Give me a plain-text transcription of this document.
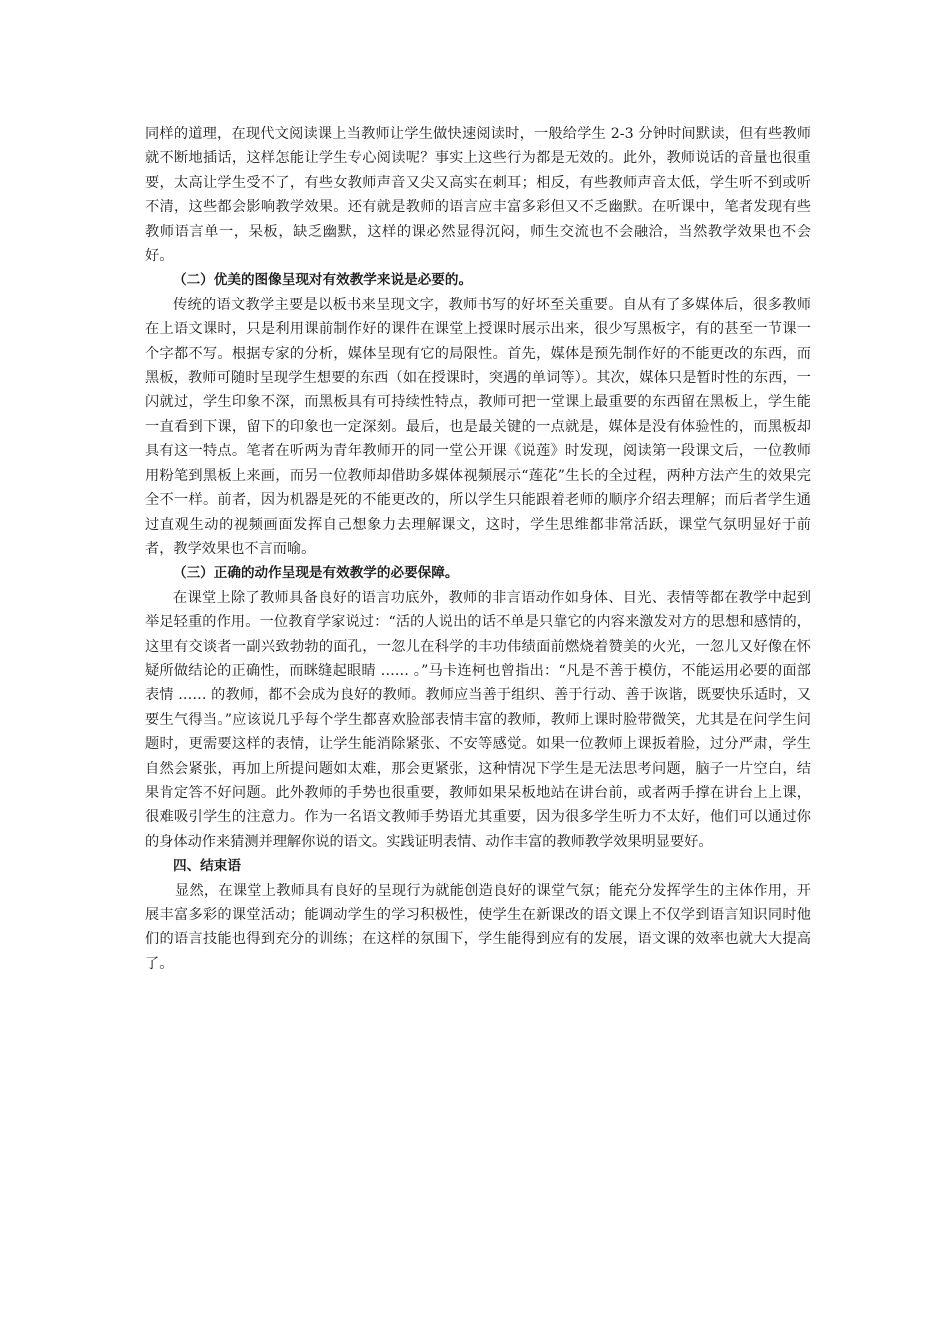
同样的道理，在现代文阅读课上当教师让学生做快速阅读时，一般给学生 2-3 分钟时间默读，但有些教师就不断地插话，这样怎能让学生专心阅读呢？事实上这些行为都是无效的。此外，教师说话的音量也很重要，太高让学生受不了，有些女教师声音又尖又高实在刺耳；相反，有些教师声音太低，学生听不到或听不清，这些都会影响教学效果。还有就是教师的语言应丰富多彩但又不乏幽默。在听课中，笔者发现有些教师语言单一，呆板，缺乏幽默，这样的课必然显得沉闷，师生交流也不会融洽，当然教学效果也不会好。

（二）优美的图像呈现对有效教学来说是必要的。

传统的语文教学主要是以板书来呈现文字，教师书写的好坏至关重要。自从有了多媒体后，很多教师在上语文课时，只是利用课前制作好的课件在课堂上授课时展示出来，很少写黑板字，有的甚至一节课一个字都不写。根据专家的分析，媒体呈现有它的局限性。首先，媒体是预先制作好的不能更改的东西，而黑板，教师可随时呈现学生想要的东西（如在授课时，突遇的单词等）。其次，媒体只是暂时性的东西，一闪就过，学生印象不深，而黑板具有可持续性特点，教师可把一堂课上最重要的东西留在黑板上，学生能一直看到下课，留下的印象也一定深刻。最后，也是最关键的一点就是，媒体是没有体验性的，而黑板却具有这一特点。笔者在听两为青年教师开的同一堂公开课《说莲》时发现，阅读第一段课文后，一位教师用粉笔到黑板上来画，而另一位教师却借助多媒体视频展示“莲花”生长的全过程，两种方法产生的效果完全不一样。前者，因为机器是死的不能更改的，所以学生只能跟着老师的顺序介绍去理解；而后者学生通过直观生动的视频画面发挥自己想象力去理解课文，这时，学生思维都非常活跃，课堂气氛明显好于前者，教学效果也不言而喻。

（三）正确的动作呈现是有效教学的必要保障。

在课堂上除了教师具备良好的语言功底外，教师的非言语动作如身体、目光、表情等都在教学中起到举足轻重的作用。一位教育学家说过：“活的人说出的话不单是只靠它的内容来激发对方的思想和感情的，这里有交谈者一副兴致勃勃的面孔，一忽儿在科学的丰功伟绩面前燃烧着赞美的火光，一忽儿又好像在怀疑所做结论的正确性，而眯缝起眼睛 …… 。”马卡连柯也曾指出：“凡是不善于模仿，不能运用必要的面部表情 …… 的教师，都不会成为良好的教师。教师应当善于组织、善于行动、善于诙谐，既要快乐适时，又要生气得当。”应该说几乎每个学生都喜欢脸部表情丰富的教师，教师上课时脸带微笑，尤其是在问学生问题时，更需要这样的表情，让学生能消除紧张、不安等感觉。如果一位教师上课扳着脸，过分严肃，学生自然会紧张，再加上所提问题如太难，那会更紧张，这种情况下学生是无法思考问题，脑子一片空白，结果肯定答不好问题。此外教师的手势也很重要，教师如果呆板地站在讲台前，或者两手撑在讲台上上课，很难吸引学生的注意力。作为一名语文教师手势语尤其重要，因为很多学生听力不太好，他们可以通过你的身体动作来猜测并理解你说的语文。实践证明表情、动作丰富的教师教学效果明显要好。

四、结束语

显然，在课堂上教师具有良好的呈现行为就能创造良好的课堂气氛；能充分发挥学生的主体作用，开展丰富多彩的课堂活动；能调动学生的学习积极性，使学生在新课改的语文课上不仅学到语言知识同时他们的语言技能也得到充分的训练；在这样的氛围下，学生能得到应有的发展，语文课的效率也就大大提高了。
